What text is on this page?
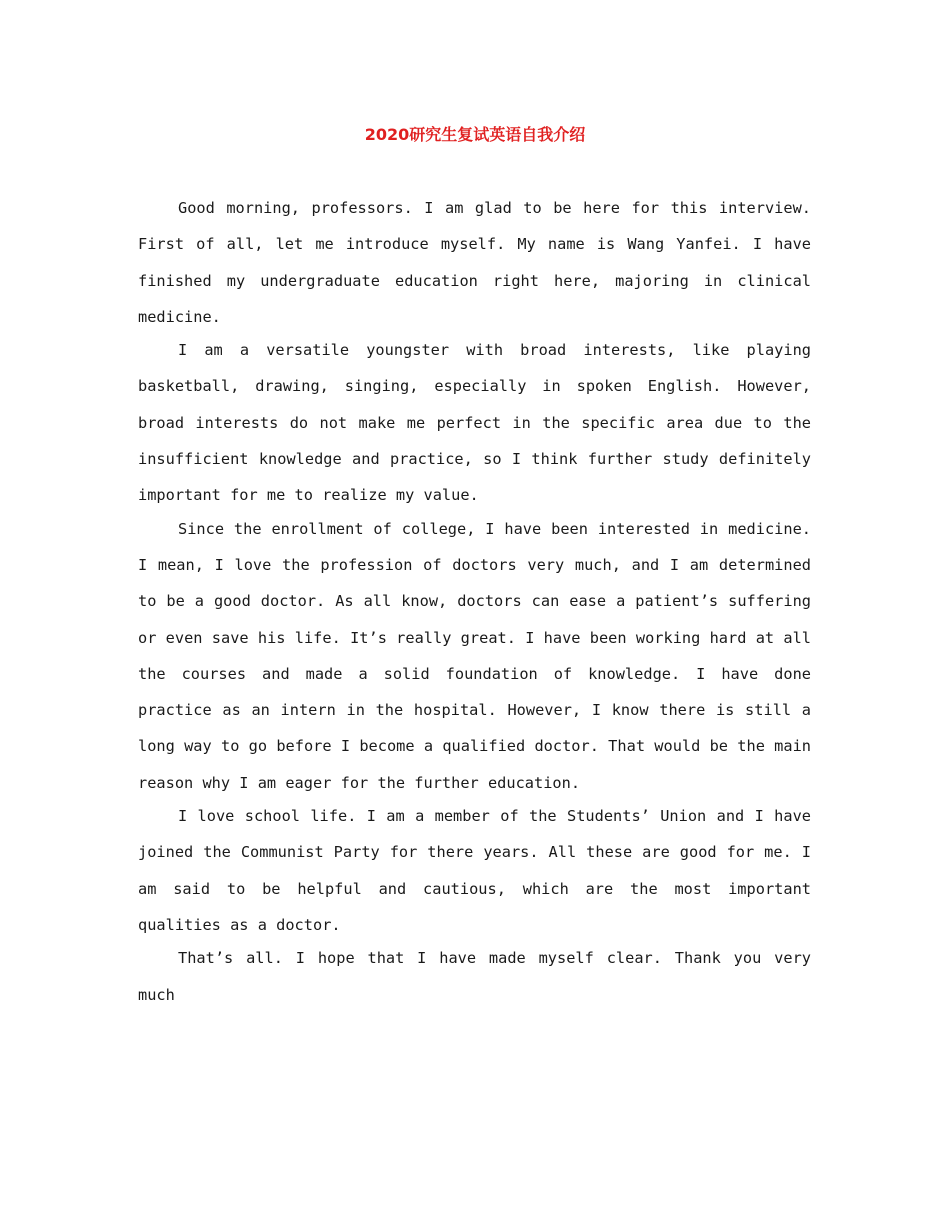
2020研究生复试英语自我介绍

Good morning, professors. I am glad to be here for this interview. First of all, let me introduce myself. My name is Wang Yanfei. I have finished my undergraduate education right here, majoring in clinical medicine.

I am a versatile youngster with broad interests, like playing basketball, drawing, singing, especially in spoken English. However, broad interests do not make me perfect in the specific area due to the insufficient knowledge and practice, so I think further study definitely important for me to realize my value.

Since the enrollment of college, I have been interested in medicine. I mean, I love the profession of doctors very much, and I am determined to be a good doctor. As all know, doctors can ease a patient’s suffering or even save his life. It’s really great. I have been working hard at all the courses and made a solid foundation of knowledge. I have done practice as an intern in the hospital. However, I know there is still a long way to go before I become a qualified doctor. That would be the main reason why I am eager for the further education.

I love school life. I am a member of the Students’ Union and I have joined the Communist Party for there years. All these are good for me. I am said to be helpful and cautious, which are the most important qualities as a doctor.

That’s all. I hope that I have made myself clear. Thank you very much
